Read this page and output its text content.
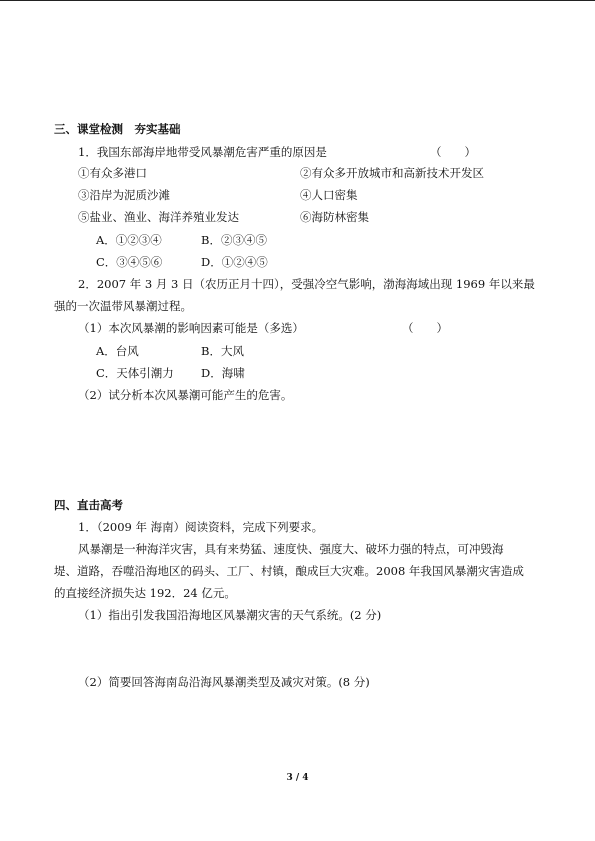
三、课堂检测　夯实基础
1．我国东部海岸地带受风暴潮危害严重的原因是	（　　）
①有众多港口	②有众多开放城市和高新技术开发区
③沿岸为泥质沙滩	④人口密集
⑤盐业、渔业、海洋养殖业发达	⑥海防林密集
A．①②③④	B．②③④⑤
C．③④⑤⑥	D．①②④⑤
2．2007 年 3 月 3 日（农历正月十四），受强冷空气影响，渤海海域出现 1969 年以来最
强的一次温带风暴潮过程。
（1）本次风暴潮的影响因素可能是（多选）	（　　）
A．台风	B．大风
C．天体引潮力 D．海啸
（2）试分析本次风暴潮可能产生的危害。
四、直击高考
1．（2009 年 海南）阅读资料，完成下列要求。
风暴潮是一种海洋灾害，具有来势猛、速度快、强度大、破坏力强的特点，可冲毁海
堤、道路，吞噬沿海地区的码头、工厂、村镇，酿成巨大灾难。2008 年我国风暴潮灾害造成
的直接经济损失达 192．24 亿元。
（1）指出引发我国沿海地区风暴潮灾害的天气系统。(2 分)
（2）简要回答海南岛沿海风暴潮类型及减灾对策。(8 分)
3 / 4
